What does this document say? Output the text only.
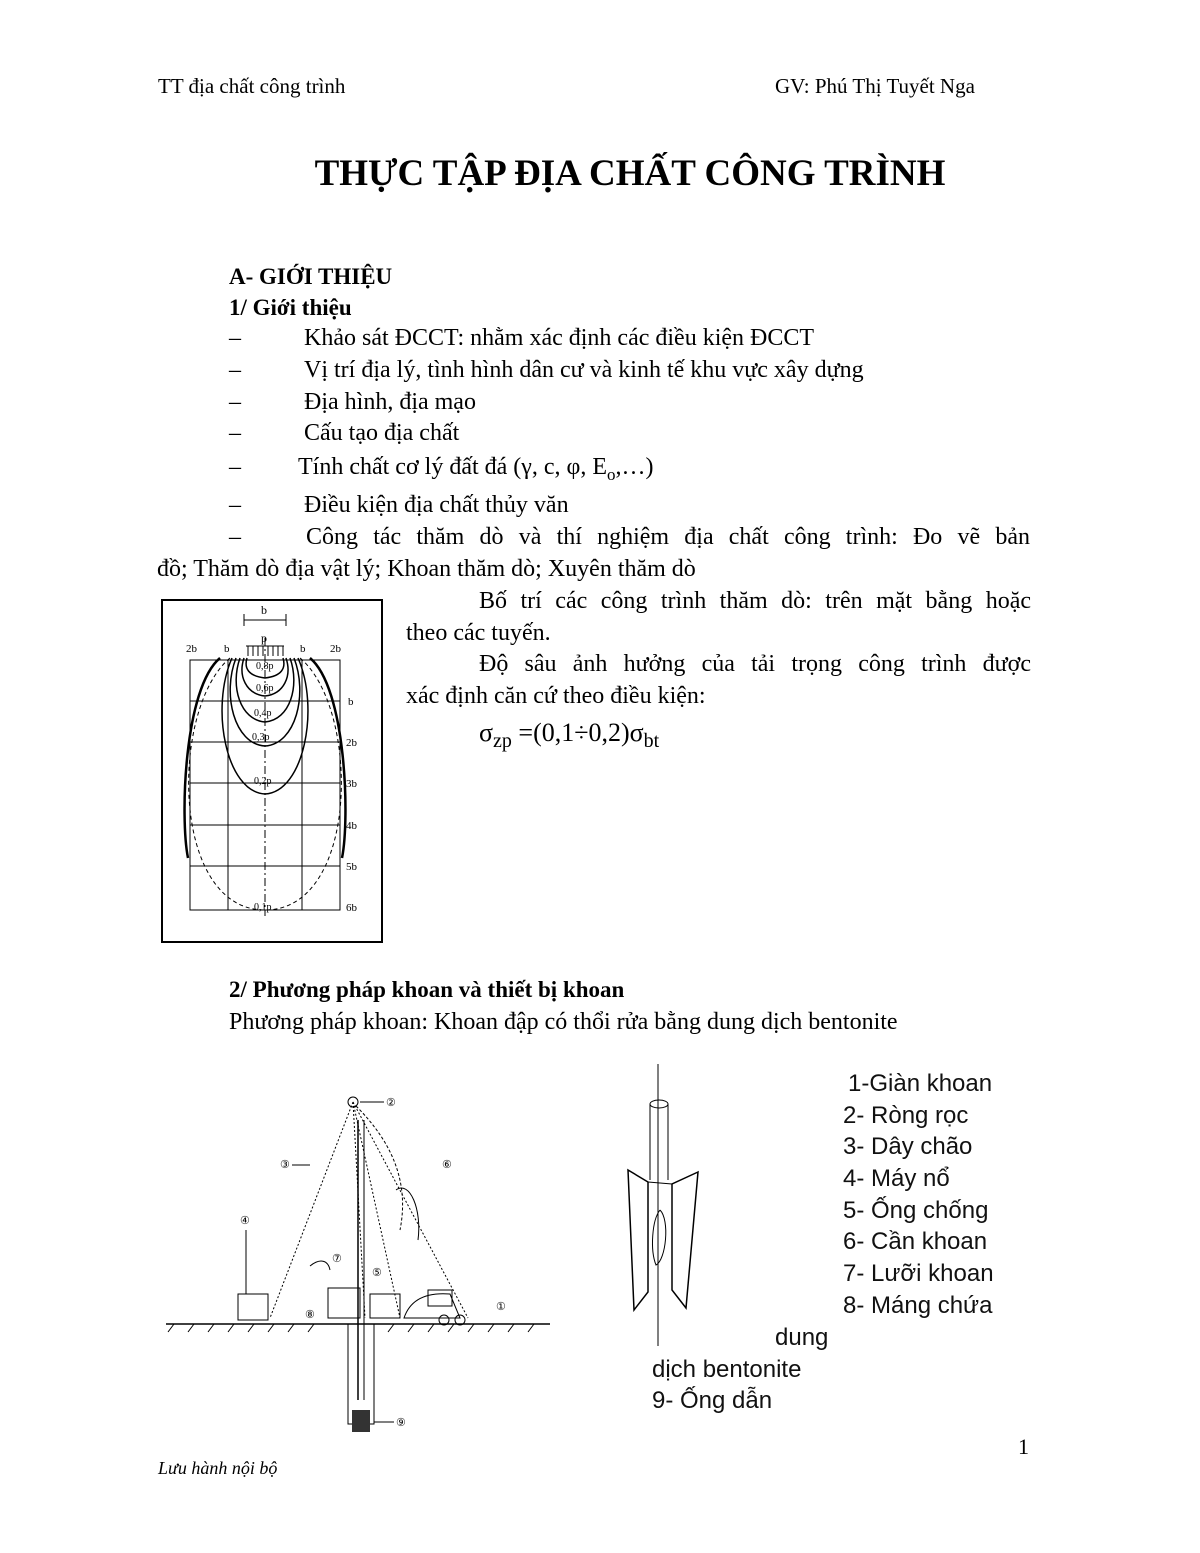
TT địa chất công trình	GV: Phú Thị Tuyết Nga
THỰC TẬP ĐỊA CHẤT CÔNG TRÌNH
A- GIỚI THIỆU
1/ Giới thiệu
–	Khảo sát ĐCCT: nhằm xác định các điều kiện ĐCCT
–	Vị trí địa lý, tình hình dân cư và kinh tế khu vực xây dựng
–	Địa hình, địa mạo
–	Cấu tạo địa chất
– Tính chất cơ lý đất đá (γ, c, φ, $E_o,\dots$)
–	Điều kiện địa chất thủy văn
–	Công tác thăm dò và thí nghiệm địa chất công trình: Đo vẽ bản
đồ; Thăm dò địa vật lý; Khoan thăm dò; Xuyên thăm dò
Bố trí các công trình thăm dò: trên mặt bằng hoặc
theo các tuyến.
Độ sâu ảnh hưởng của tải trọng công trình được
xác định căn cứ theo điều kiện:
$\sigma_{zp} =(0,1\div 0,2)\sigma_{bt}$
b
p
2b b	b 2b
0,8p
0,6p
0,4p
0,3p
0,2p
0,1p
b
2b
3b
4b
5b
6b
2/ Phương pháp khoan và thiết bị khoan
Phương pháp khoan: Khoan đập có thổi rửa bằng dung dịch bentonite
③
②
⑥
④
⑦
⑤
⑧
①
⑨
1-Giàn khoan
2- Ròng rọc
3- Dây chão
4- Máy nổ
5- Ống chống
6- Cần khoan
7- Lưỡi khoan
8- Máng chứa
dung
dịch bentonite
9- Ống dẫn
1
Lưu hành nội bộ
